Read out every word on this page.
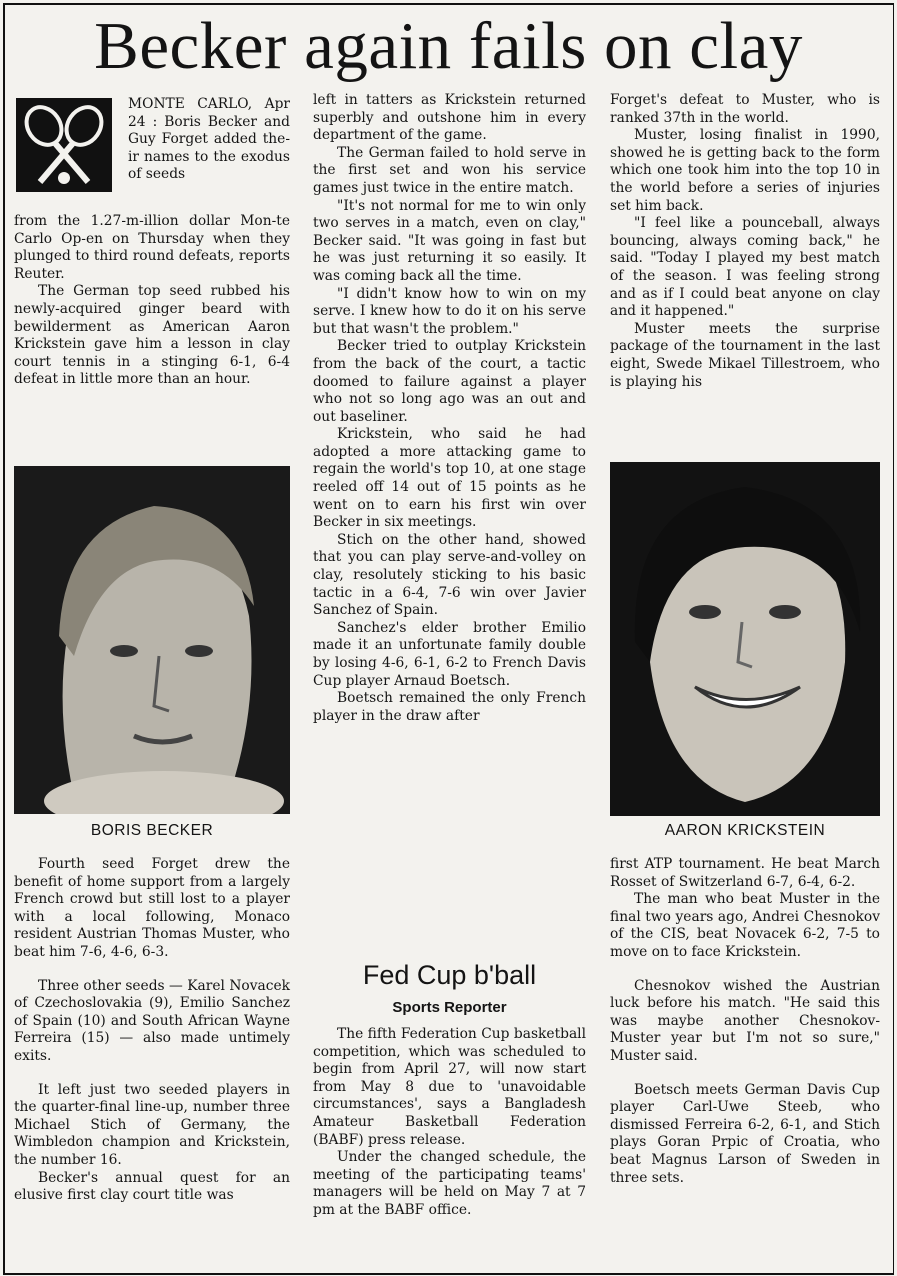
Becker again fails on clay

MONTE CARLO, Apr 24 : Boris Becker and Guy Forget added the- ir names to the exodus of seeds

from the 1.27-m-illion dollar Mon-te Carlo Op-en on Thursday when they plunged to third round defeats, reports Reuter.

The German top seed rubbed his newly-acquired ginger beard with bewilderment as American Aaron Krickstein gave him a lesson in clay court tennis in a stinging 6-1, 6-4 defeat in little more than an hour.

BORIS BECKER

Fourth seed Forget drew the benefit of home support from a largely French crowd but still lost to a player with a local following, Monaco resident Austrian Thomas Muster, who beat him 7-6, 4-6, 6-3.

Three other seeds — Karel Novacek of Czechoslovakia (9), Emilio Sanchez of Spain (10) and South African Wayne Ferreira (15) — also made untimely exits.

It left just two seeded players in the quarter-final line-up, number three Michael Stich of Germany, the Wimbledon champion and Krickstein, the number 16.

Becker's annual quest for an elusive first clay court title was

left in tatters as Krickstein returned superbly and outshone him in every department of the game.

The German failed to hold serve in the first set and won his service games just twice in the entire match.

"It's not normal for me to win only two serves in a match, even on clay," Becker said. "It was going in fast but he was just returning it so easily. It was coming back all the time.

"I didn't know how to win on my serve. I knew how to do it on his serve but that wasn't the problem."

Becker tried to outplay Krickstein from the back of the court, a tactic doomed to failure against a player who not so long ago was an out and out baseliner.

Krickstein, who said he had adopted a more attacking game to regain the world's top 10, at one stage reeled off 14 out of 15 points as he went on to earn his first win over Becker in six meetings.

Stich on the other hand, showed that you can play serve-and-volley on clay, resolutely sticking to his basic tactic in a 6-4, 7-6 win over Javier Sanchez of Spain.

Sanchez's elder brother Emilio made it an unfortunate family double by losing 4-6, 6-1, 6-2 to French Davis Cup player Arnaud Boetsch.

Boetsch remained the only French player in the draw after

Fed Cup b'ball
Sports Reporter

The fifth Federation Cup basketball competition, which was scheduled to begin from April 27, will now start from May 8 due to 'unavoidable circumstances', says a Bangladesh Amateur Basketball Federation (BABF) press release.

Under the changed schedule, the meeting of the participating teams' managers will be held on May 7 at 7 pm at the BABF office.

Forget's defeat to Muster, who is ranked 37th in the world.

Muster, losing finalist in 1990, showed he is getting back to the form which one took him into the top 10 in the world before a series of injuries set him back.

"I feel like a pounceball, always bouncing, always coming back," he said. "Today I played my best match of the season. I was feeling strong and as if I could beat anyone on clay and it happened."

Muster meets the surprise package of the tournament in the last eight, Swede Mikael Tillestroem, who is playing his

AARON KRICKSTEIN

first ATP tournament. He beat March Rosset of Switzerland 6-7, 6-4, 6-2.

The man who beat Muster in the final two years ago, Andrei Chesnokov of the CIS, beat Novacek 6-2, 7-5 to move on to face Krickstein.

Chesnokov wished the Austrian luck before his match. "He said this was maybe another Chesnokov-Muster year but I'm not so sure," Muster said.

Boetsch meets German Davis Cup player Carl-Uwe Steeb, who dismissed Ferreira 6-2, 6-1, and Stich plays Goran Prpic of Croatia, who beat Magnus Larson of Sweden in three sets.
